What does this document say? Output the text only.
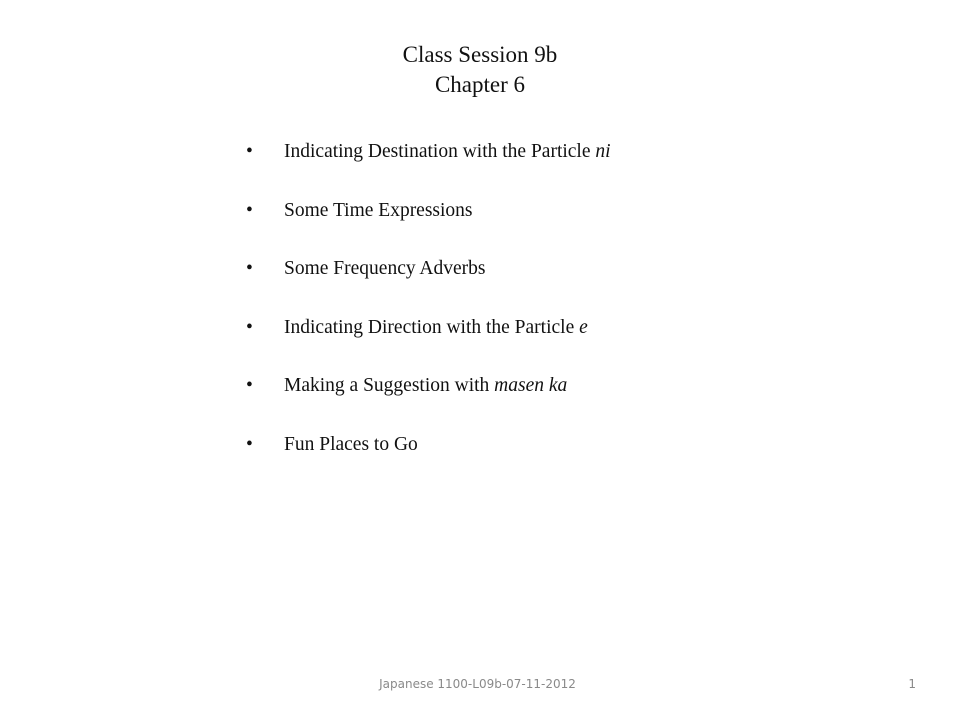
Class Session 9b
Chapter 6
• Indicating Destination with the Particle ni
• Some Time Expressions
• Some Frequency Adverbs
• Indicating Direction with the Particle e
• Making a Suggestion with masen ka
• Fun Places to Go
Japanese 1100-L09b-07-11-2012	1
